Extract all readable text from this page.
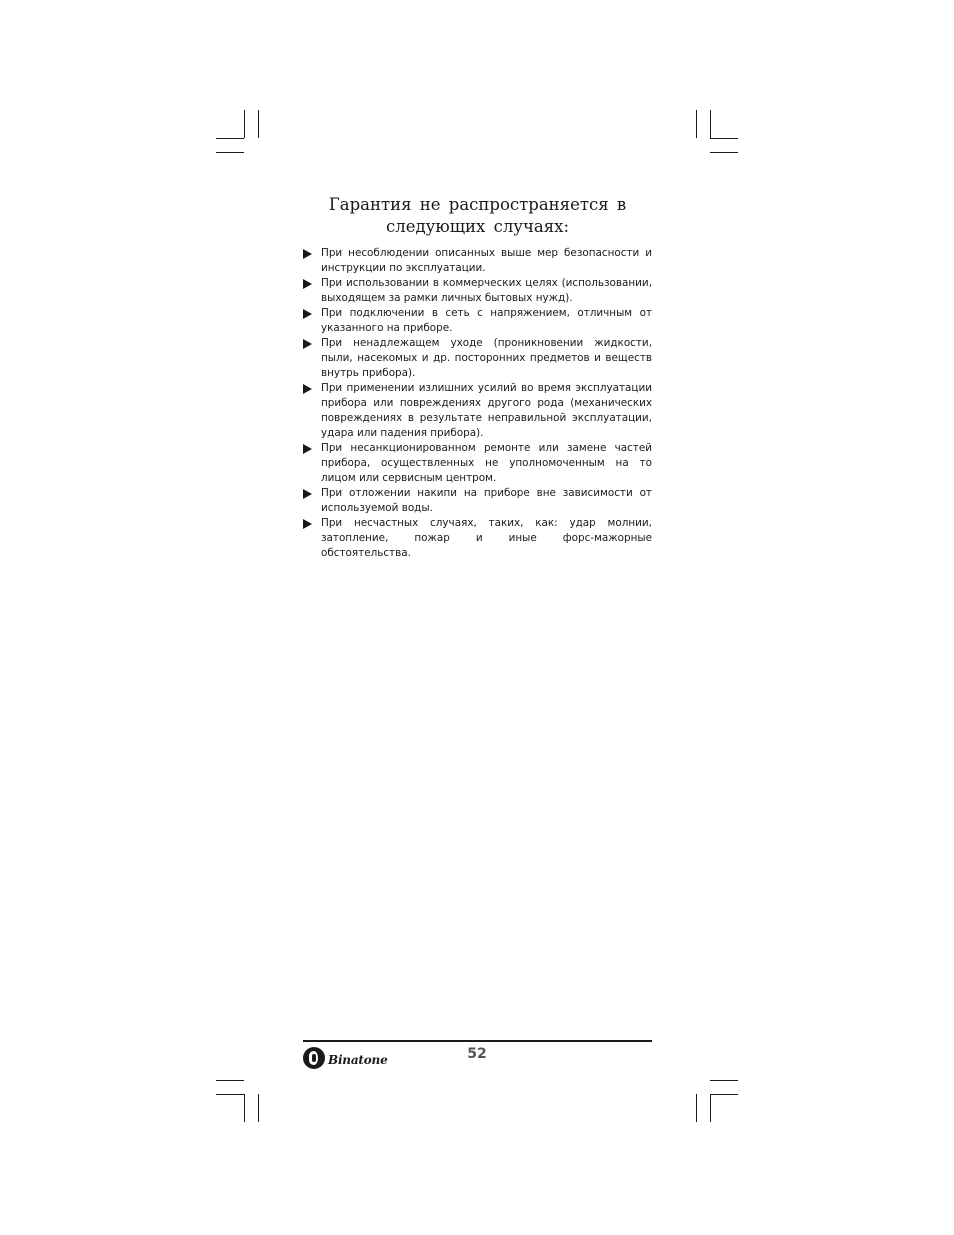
Гарантия не распространяется в
следующих случаях:
При несоблюдении описанных выше мер безопасности и инструкции по эксплуатации.
При использовании в коммерческих целях (использовании, выходящем за рамки личных бытовых нужд).
При подключении в сеть с напряжением, отличным от указанного на приборе.
При ненадлежащем уходе (проникновении жидкости, пыли, насекомых и др. посторонних предметов и веществ внутрь прибора).
При применении излишних усилий во время эксплуатации прибора или повреждениях другого рода (механических повреждениях в результате неправильной эксплуатации, удара или падения прибора).
При несанкционированном ремонте или замене частей прибора, осуществленных не уполномоченным на то лицом или сервисным центром.
При отложении накипи на приборе вне зависимости от используемой воды.
При несчастных случаях, таких, как: удар молнии, затопление, пожар и иные форс-мажорные обстоятельства.
Binatone	52
